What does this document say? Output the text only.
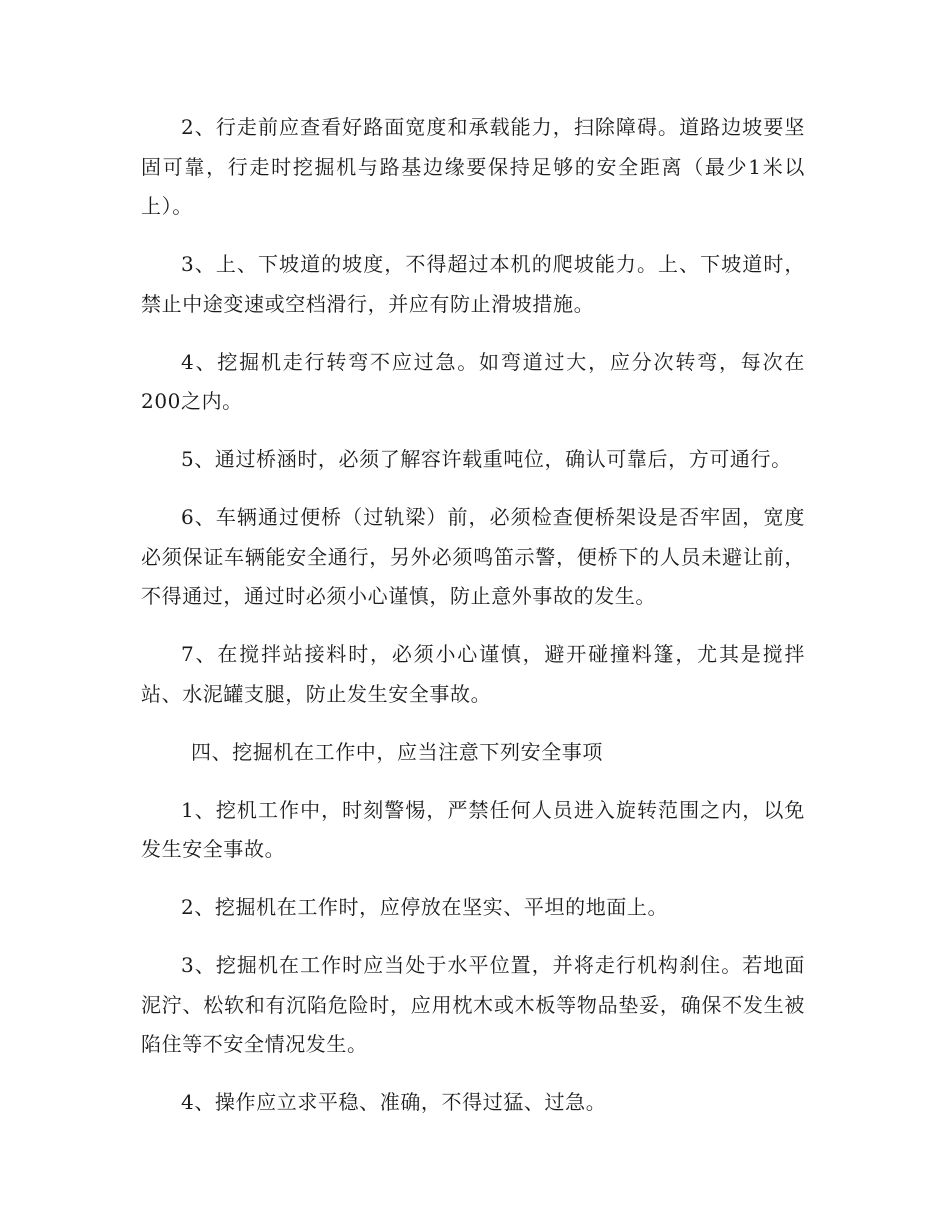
2、行走前应查看好路面宽度和承载能力，扫除障碍。道路边坡要坚固可靠，行走时挖掘机与路基边缘要保持足够的安全距离（最少1米以上）。

3、上、下坡道的坡度，不得超过本机的爬坡能力。上、下坡道时，禁止中途变速或空档滑行，并应有防止滑坡措施。

4、挖掘机走行转弯不应过急。如弯道过大，应分次转弯，每次在200之内。

5、通过桥涵时，必须了解容许载重吨位，确认可靠后，方可通行。

6、车辆通过便桥（过轨梁）前，必须检查便桥架设是否牢固，宽度必须保证车辆能安全通行，另外必须鸣笛示警，便桥下的人员未避让前，不得通过，通过时必须小心谨慎，防止意外事故的发生。

7、在搅拌站接料时，必须小心谨慎，避开碰撞料篷，尤其是搅拌站、水泥罐支腿，防止发生安全事故。

四、挖掘机在工作中，应当注意下列安全事项

1、挖机工作中，时刻警惕，严禁任何人员进入旋转范围之内，以免发生安全事故。

2、挖掘机在工作时，应停放在坚实、平坦的地面上。

3、挖掘机在工作时应当处于水平位置，并将走行机构刹住。若地面泥泞、松软和有沉陷危险时，应用枕木或木板等物品垫妥，确保不发生被陷住等不安全情况发生。

4、操作应立求平稳、准确，不得过猛、过急。
